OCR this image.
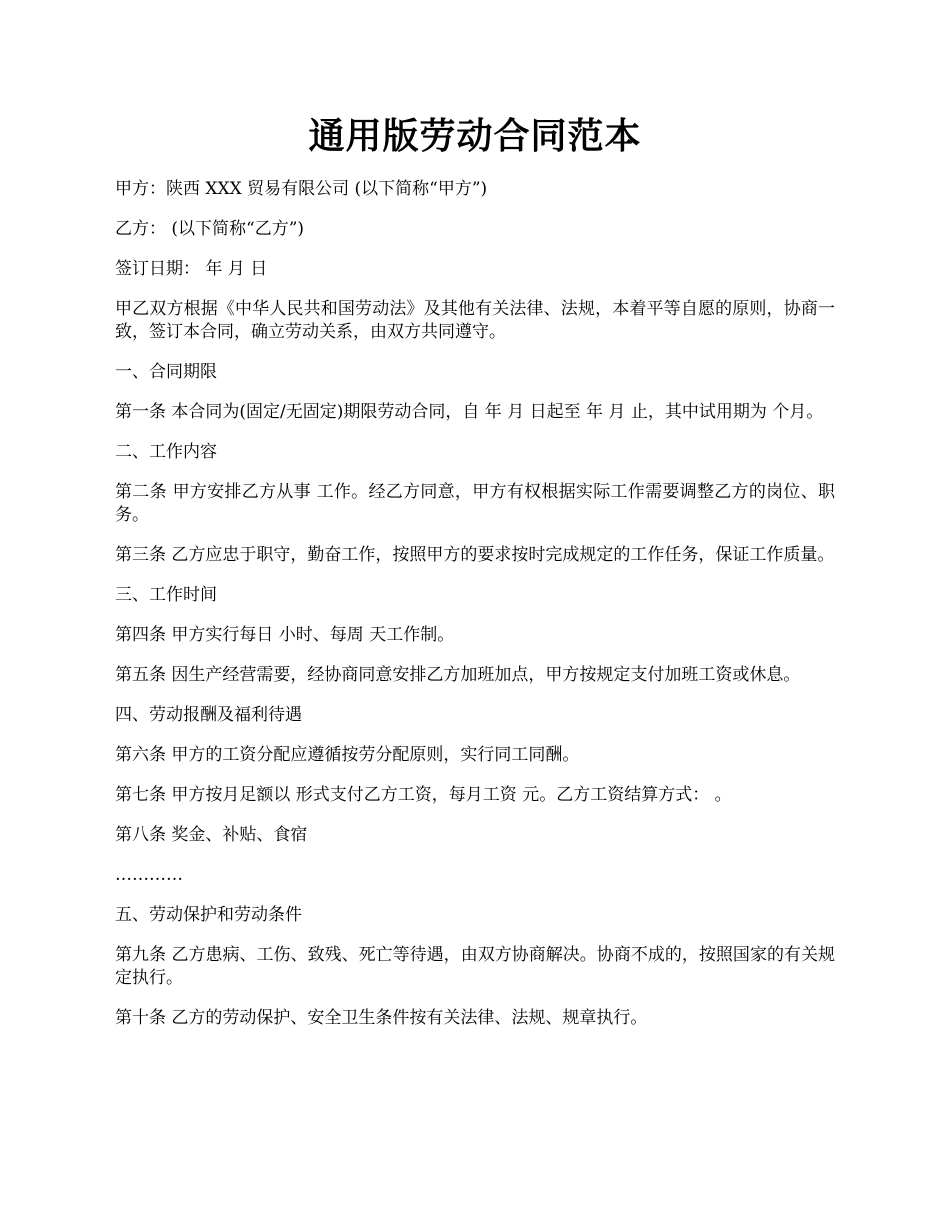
通用版劳动合同范本

甲方：陕西 XXX 贸易有限公司 (以下简称“甲方”)

乙方： (以下简称“乙方”)

签订日期： 年 月 日

甲乙双方根据《中华人民共和国劳动法》及其他有关法律、法规，本着平等自愿的原则，协商一致，签订本合同，确立劳动关系，由双方共同遵守。

一、合同期限

第一条 本合同为(固定/无固定)期限劳动合同，自 年 月 日起至 年 月 止，其中试用期为 个月。

二、工作内容

第二条 甲方安排乙方从事 工作。经乙方同意，甲方有权根据实际工作需要调整乙方的岗位、职务。

第三条 乙方应忠于职守，勤奋工作，按照甲方的要求按时完成规定的工作任务，保证工作质量。

三、工作时间

第四条 甲方实行每日 小时、每周 天工作制。

第五条 因生产经营需要，经协商同意安排乙方加班加点，甲方按规定支付加班工资或休息。

四、劳动报酬及福利待遇

第六条 甲方的工资分配应遵循按劳分配原则，实行同工同酬。

第七条 甲方按月足额以 形式支付乙方工资，每月工资 元。乙方工资结算方式： 。

第八条 奖金、补贴、食宿

…………

五、劳动保护和劳动条件

第九条 乙方患病、工伤、致残、死亡等待遇，由双方协商解决。协商不成的，按照国家的有关规定执行。

第十条 乙方的劳动保护、安全卫生条件按有关法律、法规、规章执行。
